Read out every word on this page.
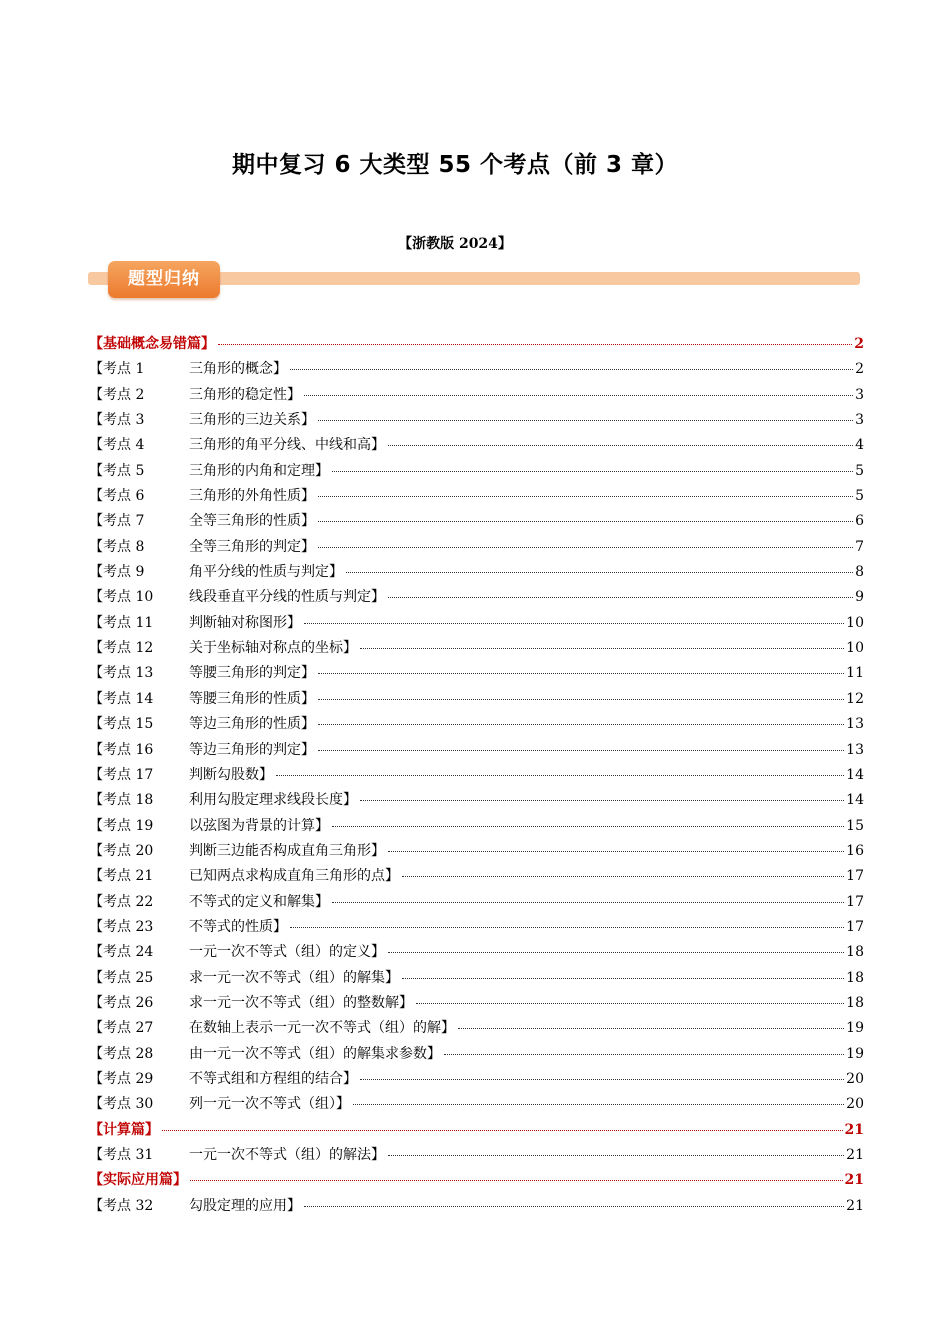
期中复习 6 大类型 55 个考点（前 3 章）
【浙教版 2024】
题型归纳
【基础概念易错篇】	2
【考点 1	三角形的概念】	2
【考点 2	三角形的稳定性】	3
【考点 3	三角形的三边关系】	3
【考点 4	三角形的角平分线、中线和高】	4
【考点 5	三角形的内角和定理】	5
【考点 6	三角形的外角性质】	5
【考点 7	全等三角形的性质】	6
【考点 8	全等三角形的判定】	7
【考点 9	角平分线的性质与判定】	8
【考点 10	线段垂直平分线的性质与判定】	9
【考点 11	判断轴对称图形】	10
【考点 12	关于坐标轴对称点的坐标】	10
【考点 13	等腰三角形的判定】	11
【考点 14	等腰三角形的性质】	12
【考点 15	等边三角形的性质】	13
【考点 16	等边三角形的判定】	13
【考点 17	判断勾股数】	14
【考点 18	利用勾股定理求线段长度】	14
【考点 19	以弦图为背景的计算】	15
【考点 20	判断三边能否构成直角三角形】	16
【考点 21	已知两点求构成直角三角形的点】	17
【考点 22	不等式的定义和解集】	17
【考点 23	不等式的性质】	17
【考点 24	一元一次不等式（组）的定义】	18
【考点 25	求一元一次不等式（组）的解集】	18
【考点 26	求一元一次不等式（组）的整数解】	18
【考点 27	在数轴上表示一元一次不等式（组）的解】	19
【考点 28	由一元一次不等式（组）的解集求参数】	19
【考点 29	不等式组和方程组的结合】	20
【考点 30	列一元一次不等式（组）】	20
【计算篇】	21
【考点 31	一元一次不等式（组）的解法】	21
【实际应用篇】	21
【考点 32	勾股定理的应用】	21
